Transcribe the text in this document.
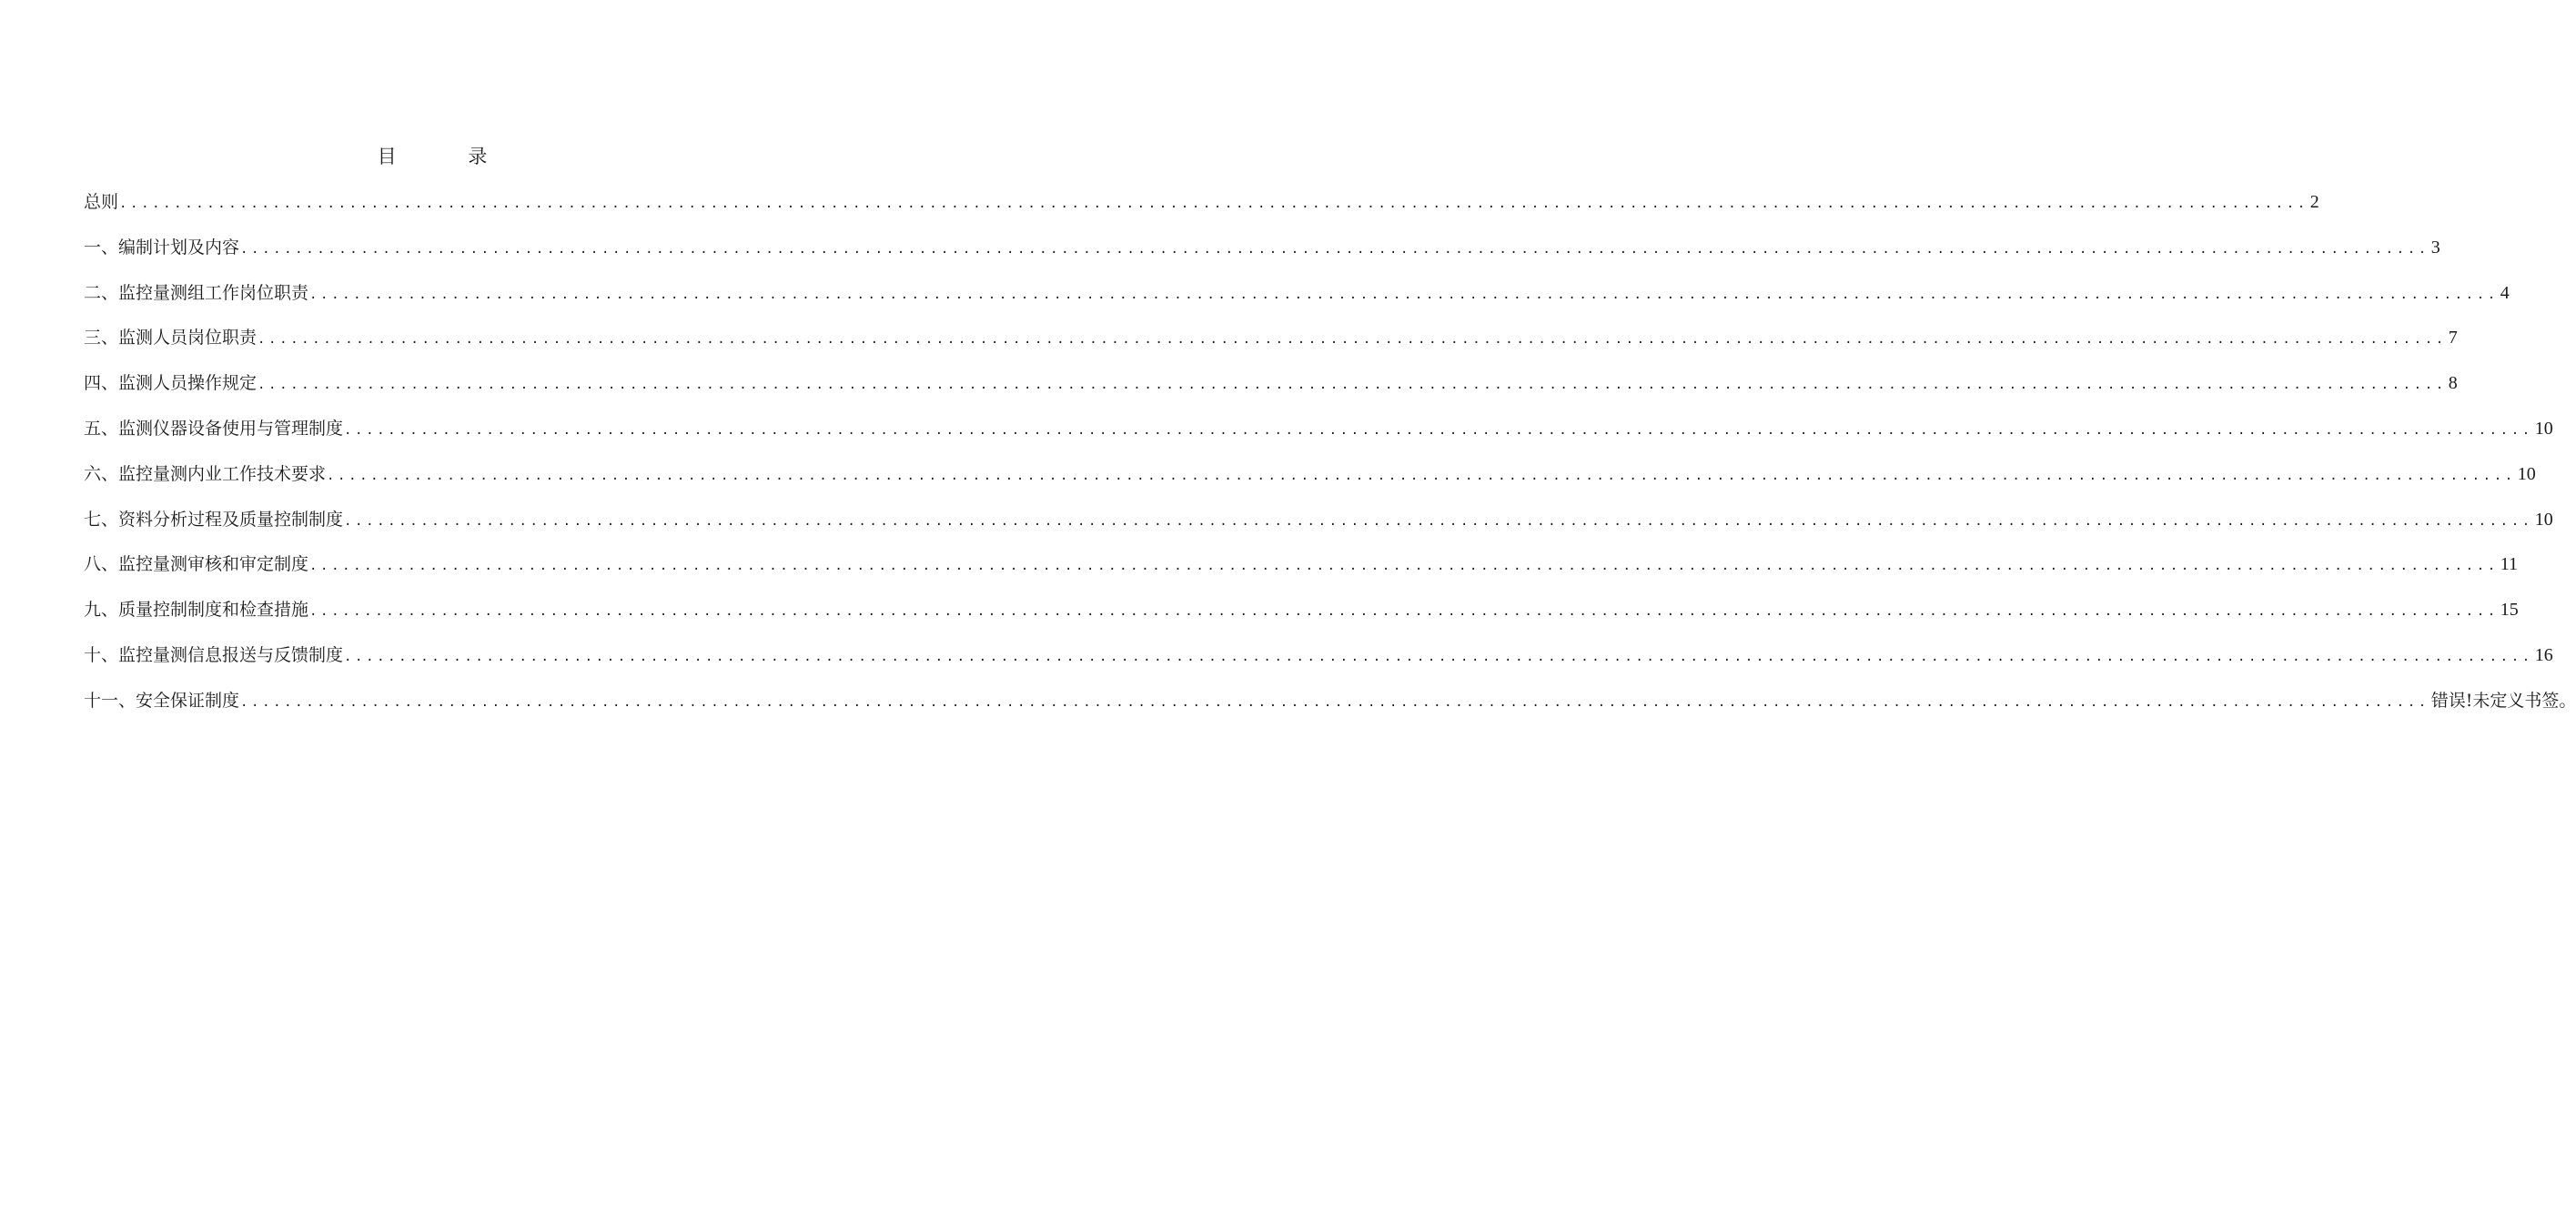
目 录
总则 ........................................................................................................................................................................................................ 2
一、编制计划及内容 ........................................................................................................................................................................................................ 3
二、监控量测组工作岗位职责 ........................................................................................................................................................................................................ 4
三、监测人员岗位职责 ........................................................................................................................................................................................................ 7
四、监测人员操作规定 ........................................................................................................................................................................................................ 8
五、监测仪器设备使用与管理制度 ........................................................................................................................................................................................................ 10
六、监控量测内业工作技术要求 ........................................................................................................................................................................................................ 10
七、资料分析过程及质量控制制度 ........................................................................................................................................................................................................ 10
八、监控量测审核和审定制度 ........................................................................................................................................................................................................ 11
九、质量控制制度和检查措施 ........................................................................................................................................................................................................ 15
十、监控量测信息报送与反馈制度 ........................................................................................................................................................................................................ 16
十一、安全保证制度 ........................................................................................................................................................................................................ 错误!未定义书签。
